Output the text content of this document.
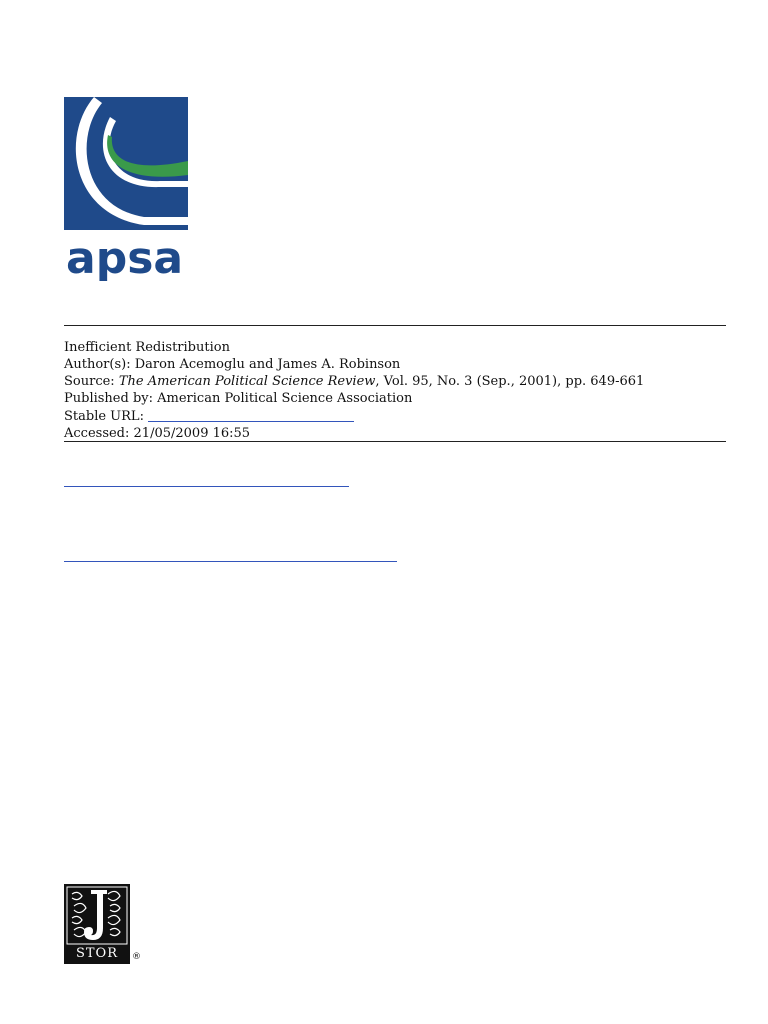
apsa
Inefficient Redistribution
Author(s): Daron Acemoglu and James A. Robinson
Source: The American Political Science Review, Vol. 95, No. 3 (Sep., 2001), pp. 649-661
Published by: American Political Science Association
Stable URL:
Accessed: 21/05/2009 16:55
STOR	®
